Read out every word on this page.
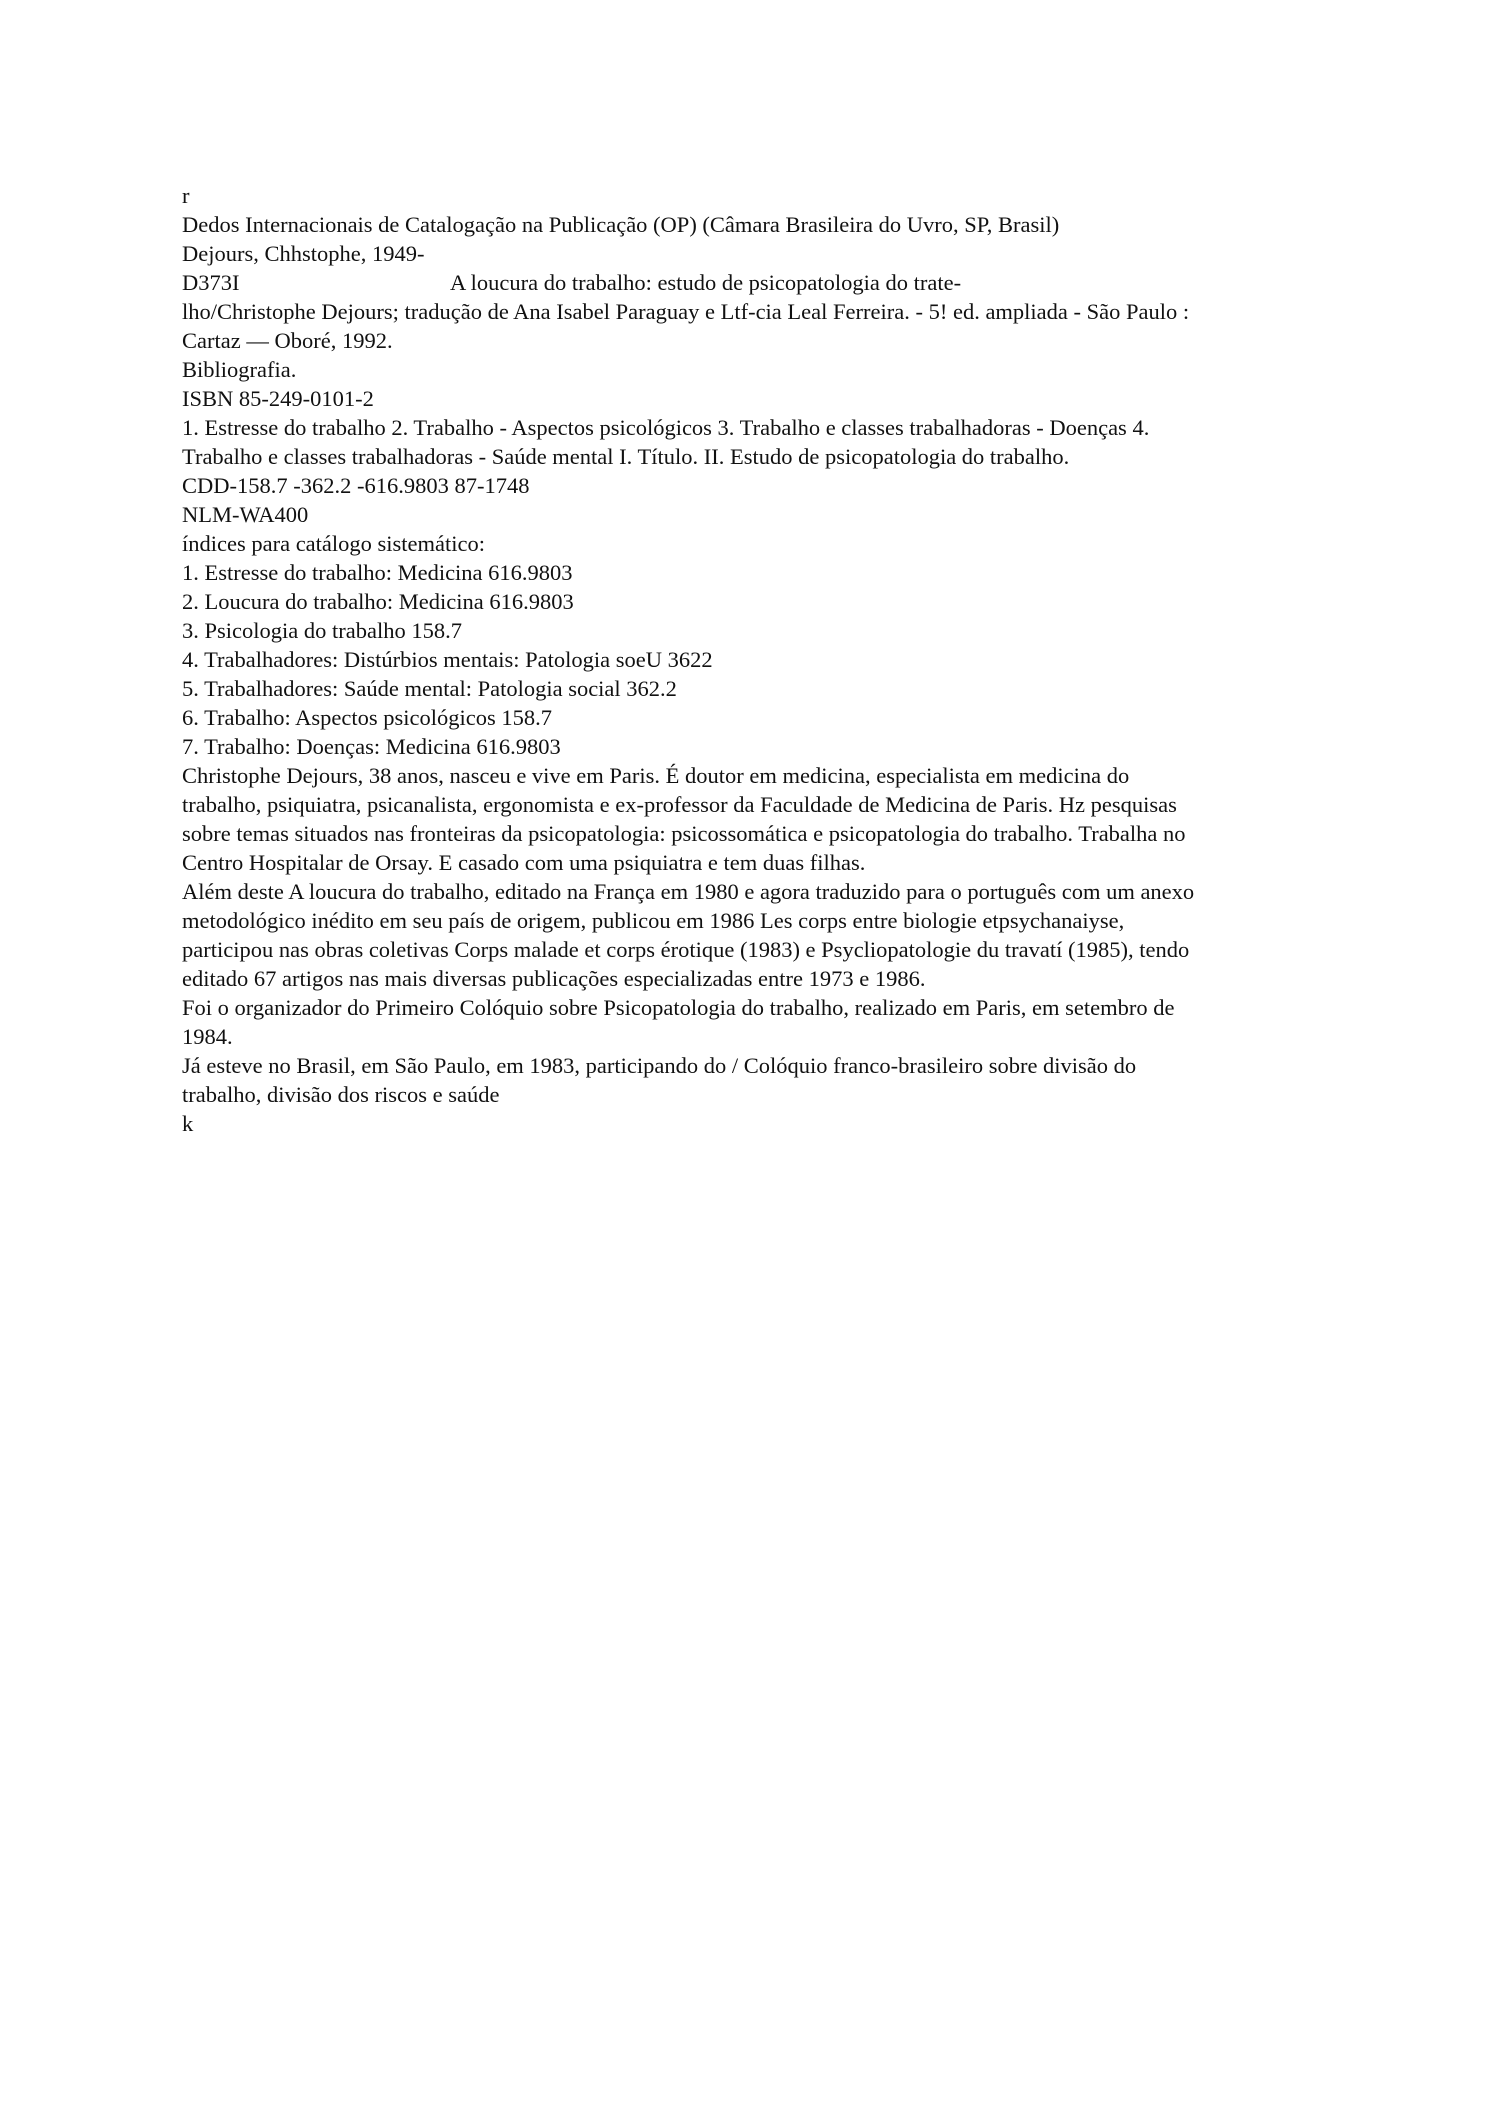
r
Dedos Internacionais de Catalogação na Publicação (OP) (Câmara Brasileira do Uvro, SP, Brasil)
Dejours, Chhstophe, 1949-
D373I	A loucura do trabalho: estudo de psicopatologia do trate-
lho/Christophe Dejours; tradução de Ana Isabel Paraguay e Ltf-cia Leal Ferreira. - 5! ed. ampliada - São Paulo :
Cartaz — Oboré, 1992.
Bibliografia.
ISBN 85-249-0101-2
1. Estresse do trabalho 2. Trabalho - Aspectos psicológicos 3. Trabalho e classes trabalhadoras - Doenças 4.
Trabalho e classes trabalhadoras - Saúde mental I. Título. II. Estudo de psicopatologia do trabalho.
CDD-158.7 -362.2 -616.9803 87-1748
NLM-WA400
índices para catálogo sistemático:
1. Estresse do trabalho: Medicina 616.9803
2. Loucura do trabalho: Medicina 616.9803
3. Psicologia do trabalho 158.7
4. Trabalhadores: Distúrbios mentais: Patologia soeU 3622
5. Trabalhadores: Saúde mental: Patologia social 362.2
6. Trabalho: Aspectos psicológicos 158.7
7. Trabalho: Doenças: Medicina 616.9803
Christophe Dejours, 38 anos, nasceu e vive em Paris. É doutor em medicina, especialista em medicina do
trabalho, psiquiatra, psicanalista, ergonomista e ex-professor da Faculdade de Medicina de Paris. Hz pesquisas
sobre temas situados nas fronteiras da psicopatologia: psicossomática e psicopatologia do trabalho. Trabalha no
Centro Hospitalar de Orsay. E casado com uma psiquiatra e tem duas filhas.
Além deste A loucura do trabalho, editado na França em 1980 e agora traduzido para o português com um anexo
metodológico inédito em seu país de origem, publicou em 1986 Les corps entre biologie etpsychanaiyse,
participou nas obras coletivas Corps malade et corps érotique (1983) e Psycliopatologie du travatí (1985), tendo
editado 67 artigos nas mais diversas publicações especializadas entre 1973 e 1986.
Foi o organizador do Primeiro Colóquio sobre Psicopatologia do trabalho, realizado em Paris, em setembro de
1984.
Já esteve no Brasil, em São Paulo, em 1983, participando do / Colóquio franco-brasileiro sobre divisão do
trabalho, divisão dos riscos e saúde
k
